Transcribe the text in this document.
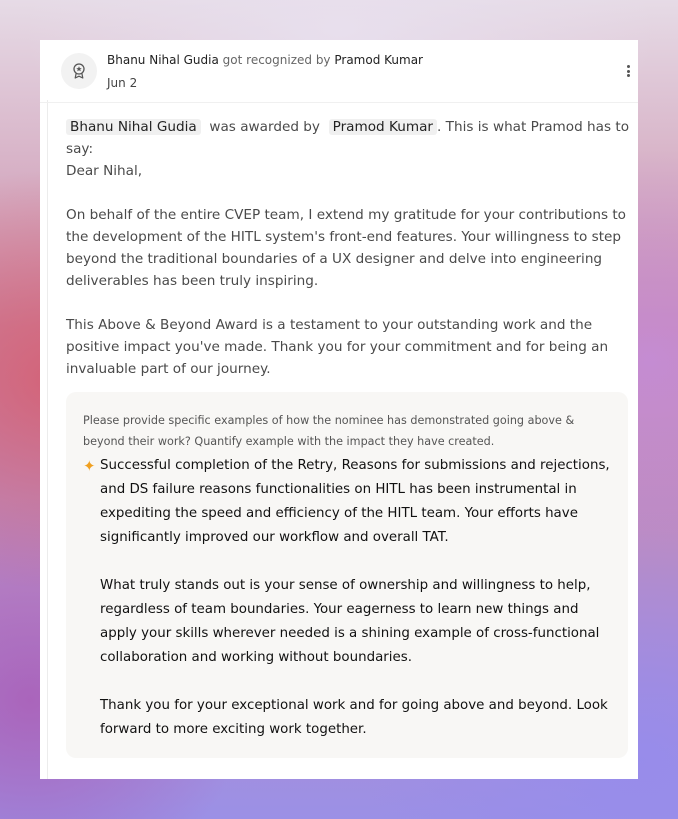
Bhanu Nihal Gudia got recognized by Pramod Kumar
Jun 2

Bhanu Nihal Gudia was awarded by Pramod Kumar . This is what Pramod has to say:

Dear Nihal,

On behalf of the entire CVEP team, I extend my gratitude for your contributions to the development of the HITL system's front-end features. Your willingness to step beyond the traditional boundaries of a UX designer and delve into engineering deliverables has been truly inspiring.

This Above & Beyond Award is a testament to your outstanding work and the positive impact you've made. Thank you for your commitment and for being an invaluable part of our journey.

Please provide specific examples of how the nominee has demonstrated going above & beyond their work? Quantify example with the impact they have created.
✦ Successful completion of the Retry, Reasons for submissions and rejections, and DS failure reasons functionalities on HITL has been instrumental in expediting the speed and efficiency of the HITL team. Your efforts have significantly improved our workflow and overall TAT.

What truly stands out is your sense of ownership and willingness to help, regardless of team boundaries. Your eagerness to learn new things and apply your skills wherever needed is a shining example of cross-functional collaboration and working without boundaries.

Thank you for your exceptional work and for going above and beyond. Look forward to more exciting work together.
